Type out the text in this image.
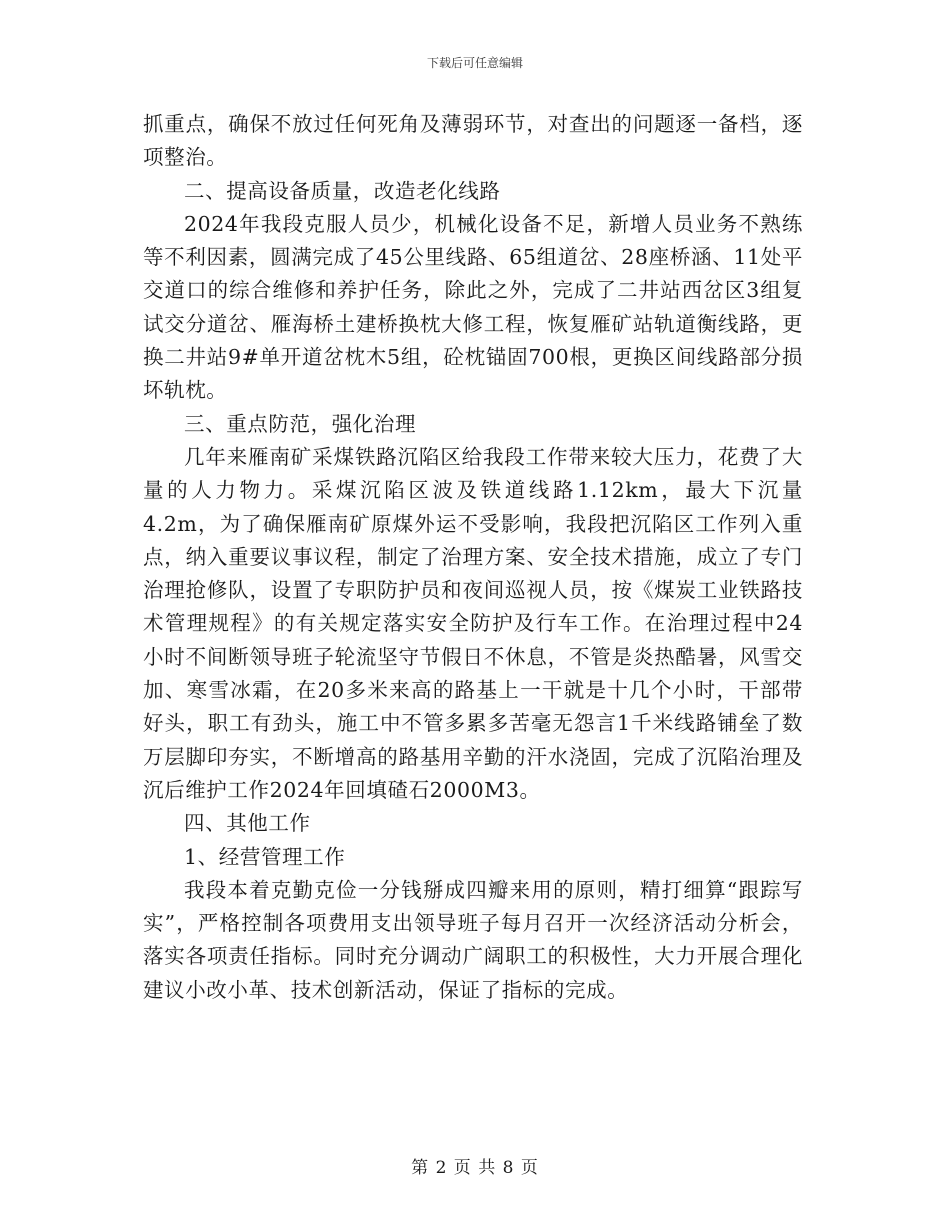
下载后可任意编辑

抓重点，确保不放过任何死角及薄弱环节，对查出的问题逐一备档，逐项整治。

二、提高设备质量，改造老化线路

2024年我段克服人员少，机械化设备不足，新增人员业务不熟练等不利因素，圆满完成了45公里线路、65组道岔、28座桥涵、11处平交道口的综合维修和养护任务，除此之外，完成了二井站西岔区3组复试交分道岔、雁海桥土建桥换枕大修工程，恢复雁矿站轨道衡线路，更换二井站9#单开道岔枕木5组，砼枕锚固700根，更换区间线路部分损坏轨枕。

三、重点防范，强化治理

几年来雁南矿采煤铁路沉陷区给我段工作带来较大压力，花费了大量的人力物力。采煤沉陷区波及铁道线路1.12km，最大下沉量4.2m，为了确保雁南矿原煤外运不受影响，我段把沉陷区工作列入重点，纳入重要议事议程，制定了治理方案、安全技术措施，成立了专门治理抢修队，设置了专职防护员和夜间巡视人员，按《煤炭工业铁路技术管理规程》的有关规定落实安全防护及行车工作。在治理过程中24小时不间断领导班子轮流坚守节假日不休息，不管是炎热酷暑，风雪交加、寒雪冰霜，在20多米来高的路基上一干就是十几个小时，干部带好头，职工有劲头，施工中不管多累多苦毫无怨言1千米线路铺垒了数万层脚印夯实，不断增高的路基用辛勤的汗水浇固，完成了沉陷治理及沉后维护工作2024年回填碴石2000M3。

四、其他工作

1、经营管理工作

我段本着克勤克俭一分钱掰成四瓣来用的原则，精打细算“跟踪写实”，严格控制各项费用支出领导班子每月召开一次经济活动分析会，落实各项责任指标。同时充分调动广阔职工的积极性，大力开展合理化建议小改小革、技术创新活动，保证了指标的完成。

第 2 页 共 8 页
